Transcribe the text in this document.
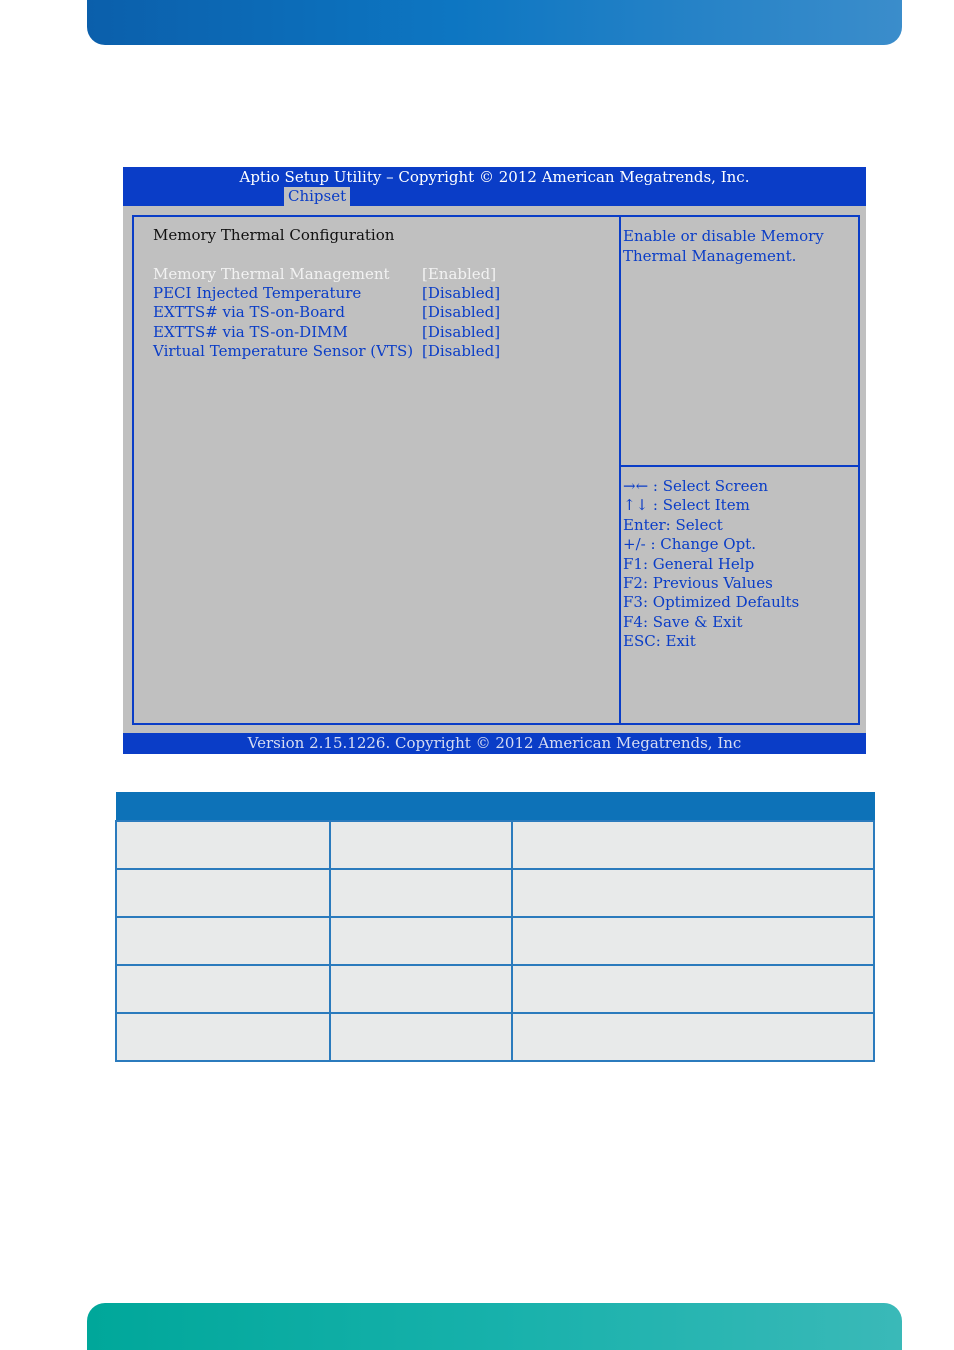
Aptio Setup Utility – Copyright © 2012 American Megatrends, Inc.
Chipset
Memory Thermal Configuration
Memory Thermal Management [Enabled]
PECI Injected Temperature	[Disabled]
EXTTS# via TS-on-Board	[Disabled]
EXTTS# via TS-on-DIMM	[Disabled]
Virtual Temperature Sensor (VTS) [Disabled]
Enable or disable Memory Thermal Management.
→← : Select Screen
↑↓ : Select Item
Enter: Select
+/- : Change Opt.
F1: General Help
F2: Previous Values
F3: Optimized Defaults
F4: Save & Exit
ESC: Exit
Version 2.15.1226. Copyright © 2012 American Megatrends, Inc
